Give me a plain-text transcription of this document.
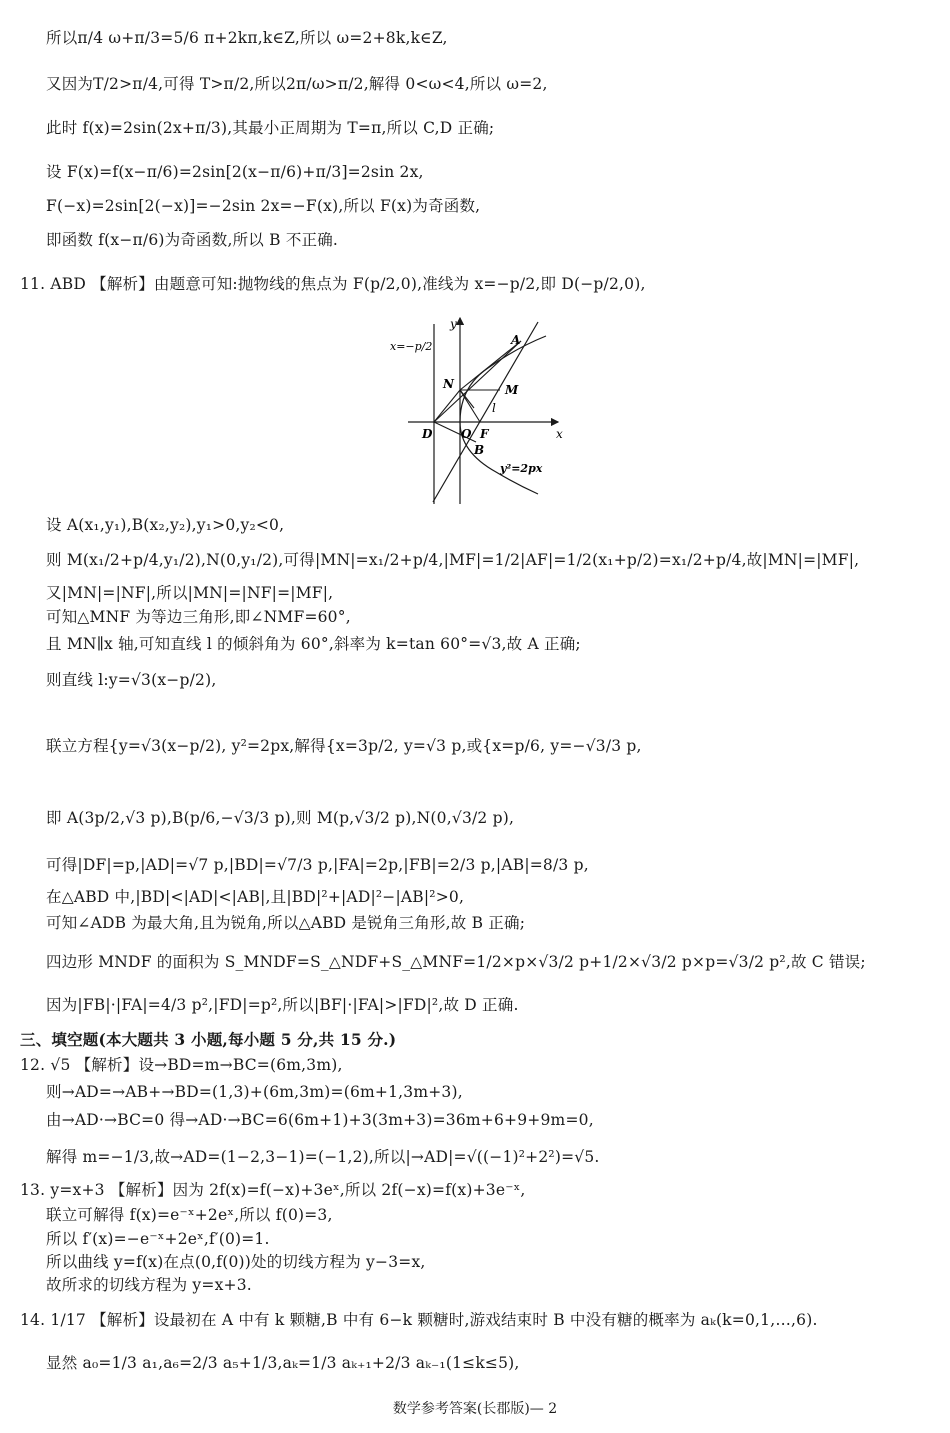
所以π/4 ω+π/3=5/6 π+2kπ,k∈Z,所以 ω=2+8k,k∈Z,
又因为T/2>π/4,可得 T>π/2,所以2π/ω>π/2,解得 0<ω<4,所以 ω=2,
此时 f(x)=2sin(2x+π/3),其最小正周期为 T=π,所以 C,D 正确;
设 F(x)=f(x−π/6)=2sin[2(x−π/6)+π/3]=2sin 2x,
F(−x)=2sin[2(−x)]=−2sin 2x=−F(x),所以 F(x)为奇函数,
即函数 f(x−π/6)为奇函数,所以 B 不正确.
11. ABD 【解析】由题意可知:抛物线的焦点为 F(p/2,0),准线为 x=−p/2,即 D(−p/2,0),
x=−p/2
y
x
A
M
N
l
D O F
B
y²=2px
设 A(x₁,y₁),B(x₂,y₂),y₁>0,y₂<0,
则 M(x₁/2+p/4,y₁/2),N(0,y₁/2),可得|MN|=x₁/2+p/4,|MF|=1/2|AF|=1/2(x₁+p/2)=x₁/2+p/4,故|MN|=|MF|,
又|MN|=|NF|,所以|MN|=|NF|=|MF|,
可知△MNF 为等边三角形,即∠NMF=60°,
且 MN∥x 轴,可知直线 l 的倾斜角为 60°,斜率为 k=tan 60°=√3,故 A 正确;
则直线 l:y=√3(x−p/2),
联立方程{y=√3(x−p/2), y²=2px,解得{x=3p/2, y=√3 p,或{x=p/6, y=−√3/3 p,
即 A(3p/2,√3 p),B(p/6,−√3/3 p),则 M(p,√3/2 p),N(0,√3/2 p),
可得|DF|=p,|AD|=√7 p,|BD|=√7/3 p,|FA|=2p,|FB|=2/3 p,|AB|=8/3 p,
在△ABD 中,|BD|<|AD|<|AB|,且|BD|²+|AD|²−|AB|²>0,
可知∠ADB 为最大角,且为锐角,所以△ABD 是锐角三角形,故 B 正确;
四边形 MNDF 的面积为 S_MNDF=S_△NDF+S_△MNF=1/2×p×√3/2 p+1/2×√3/2 p×p=√3/2 p²,故 C 错误;
因为|FB|·|FA|=4/3 p²,|FD|=p²,所以|BF|·|FA|>|FD|²,故 D 正确.
三、填空题(本大题共 3 小题,每小题 5 分,共 15 分.)
12. √5 【解析】设→BD=m→BC=(6m,3m),
则→AD=→AB+→BD=(1,3)+(6m,3m)=(6m+1,3m+3),
由→AD·→BC=0 得→AD·→BC=6(6m+1)+3(3m+3)=36m+6+9+9m=0,
解得 m=−1/3,故→AD=(1−2,3−1)=(−1,2),所以|→AD|=√((−1)²+2²)=√5.
13. y=x+3 【解析】因为 2f(x)=f(−x)+3eˣ,所以 2f(−x)=f(x)+3e⁻ˣ,
联立可解得 f(x)=e⁻ˣ+2eˣ,所以 f(0)=3,
所以 f′(x)=−e⁻ˣ+2eˣ,f′(0)=1.
所以曲线 y=f(x)在点(0,f(0))处的切线方程为 y−3=x,
故所求的切线方程为 y=x+3.
14. 1/17 【解析】设最初在 A 中有 k 颗糖,B 中有 6−k 颗糖时,游戏结束时 B 中没有糖的概率为 aₖ(k=0,1,…,6).
显然 a₀=1/3 a₁,a₆=2/3 a₅+1/3,aₖ=1/3 aₖ₊₁+2/3 aₖ₋₁(1≤k≤5),
数学参考答案(长郡版)— 2
